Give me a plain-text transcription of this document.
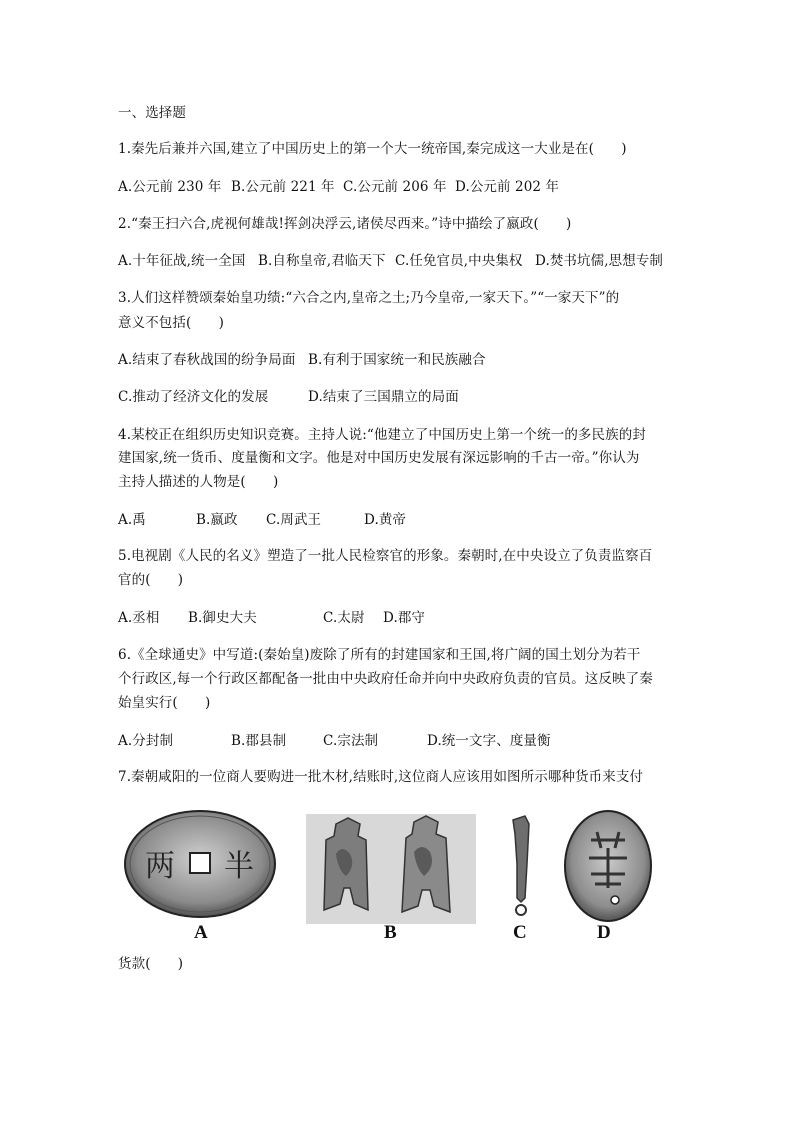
一、选择题
1.秦先后兼并六国,建立了中国历史上的第一个大一统帝国,秦完成这一大业是在(　　)
A.公元前 230 年 B.公元前 221 年 C.公元前 206 年 D.公元前 202 年
2.“秦王扫六合,虎视何雄哉!挥剑决浮云,诸侯尽西来。”诗中描绘了嬴政(　　)
A.十年征战,统一全国 B.自称皇帝,君临天下 C.任免官员,中央集权 D.焚书坑儒,思想专制
3.人们这样赞颂秦始皇功绩:“六合之内,皇帝之土;乃今皇帝,一家天下。”“一家天下”的
意义不包括(　　)
A.结束了春秋战国的纷争局面 B.有利于国家统一和民族融合
C.推动了经济文化的发展	D.结束了三国鼎立的局面
4.某校正在组织历史知识竞赛。主持人说:“他建立了中国历史上第一个统一的多民族的封
建国家,统一货币、度量衡和文字。他是对中国历史发展有深远影响的千古一帝。”你认为
主持人描述的人物是(　　)
A.禹	B.嬴政 C.周武王	D.黄帝
5.电视剧《人民的名义》塑造了一批人民检察官的形象。秦朝时,在中央设立了负责监察百
官的(　　)
A.丞相 B.御史大夫	C.太尉 D.郡守
6.《全球通史》中写道:(秦始皇)废除了所有的封建国家和王国,将广阔的国土划分为若干
个行政区,每一个行政区都配备一批由中央政府任命并向中央政府负责的官员。这反映了秦
始皇实行(　　)
A.分封制	B.郡县制	C.宗法制	D.统一文字、度量衡
7.秦朝咸阳的一位商人要购进一批木材,结账时,这位商人应该用如图所示哪种货币来支付
两 半
A	B	C	D
货款(　　)
